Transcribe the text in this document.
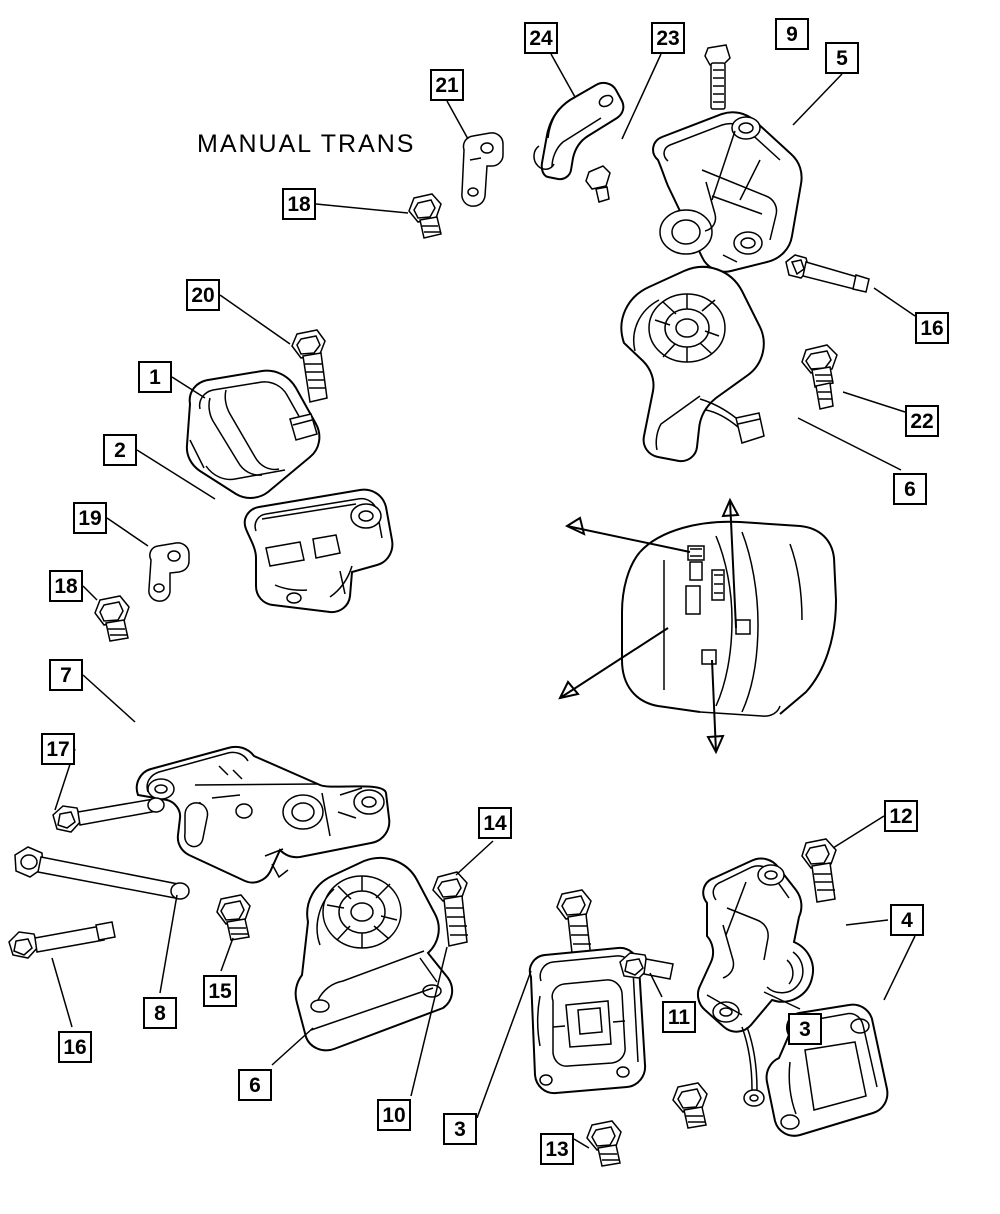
MANUAL TRANS
24	23	9
5
21
18
16
20
22
1
2
6
19
18
7
17
14	12
4
15
8	11
3
16
6
10
3
13
